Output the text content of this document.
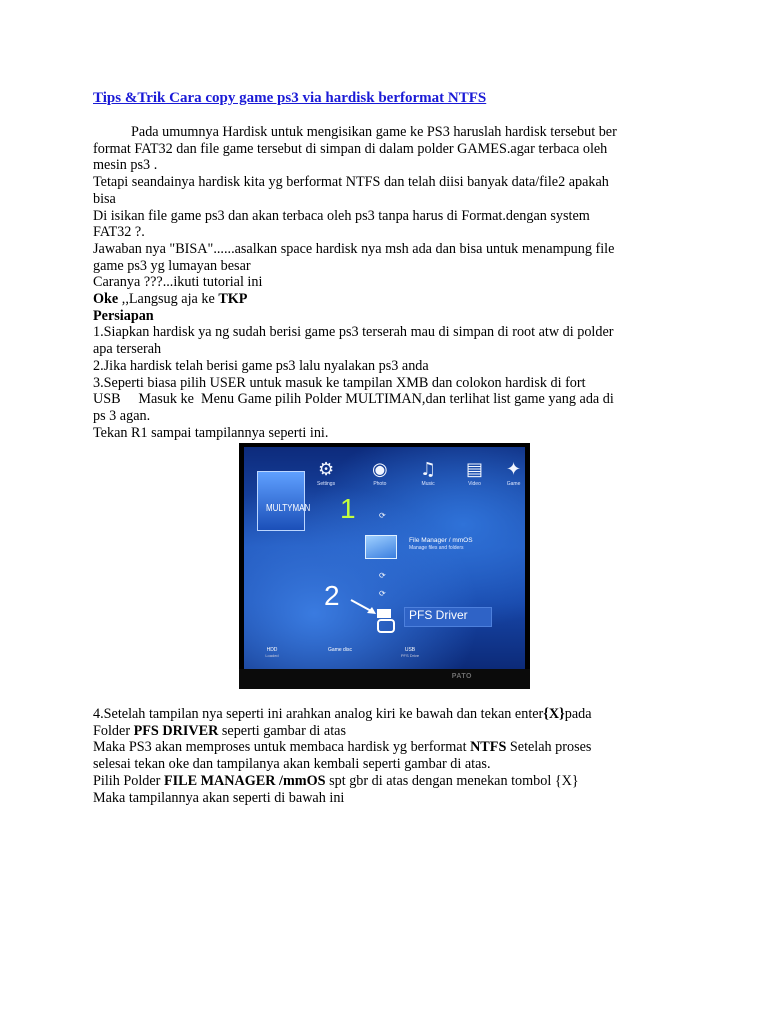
Tips &Trik Cara copy game ps3 via hardisk berformat NTFS

Pada umumnya Hardisk untuk mengisikan game ke PS3 haruslah hardisk tersebut ber

format FAT32 dan file game tersebut di simpan di dalam polder GAMES.agar terbaca oleh

mesin ps3 .

Tetapi seandainya hardisk kita yg berformat NTFS dan telah diisi banyak data/file2 apakah

bisa

Di isikan file game ps3 dan akan terbaca oleh ps3 tanpa harus di Format.dengan system

FAT32 ?.

Jawaban nya "BISA"......asalkan space hardisk nya msh ada dan bisa untuk menampung file

game ps3 yg lumayan besar

Caranya ???...ikuti tutorial ini

Oke ,,Langsug aja ke TKP

Persiapan

1.Siapkan hardisk ya ng sudah berisi game ps3 terserah mau di simpan di root atw di polder

apa terserah

2.Jika hardisk telah berisi game ps3 lalu nyalakan ps3 anda

3.Seperti biasa pilih USER untuk masuk ke tampilan XMB dan colokon hardisk di fort

USB     Masuk ke  Menu Game pilih Polder MULTIMAN,dan terlihat list game yang ada di

ps 3 agan.

Tekan R1 sampai tampilannya seperti ini.

MULTYMAN
⚙
Settings
◉
Photo
♫
Music
▤
Video
✦
Game
1	⟳
File Manager / mmOS
Manage files and folders
⟳
⟳
2
PFS Driver
HDD
Loaded
Game disc	USB
PFS Drive
PATO

4.Setelah tampilan nya seperti ini arahkan analog kiri ke bawah dan tekan enter{X}pada

Folder PFS DRIVER seperti gambar di atas

Maka PS3 akan memproses untuk membaca hardisk yg berformat NTFS Setelah proses

selesai tekan oke dan tampilanya akan kembali seperti gambar di atas.

Pilih Polder FILE MANAGER /mmOS spt gbr di atas dengan menekan tombol {X}

Maka tampilannya akan seperti di bawah ini
